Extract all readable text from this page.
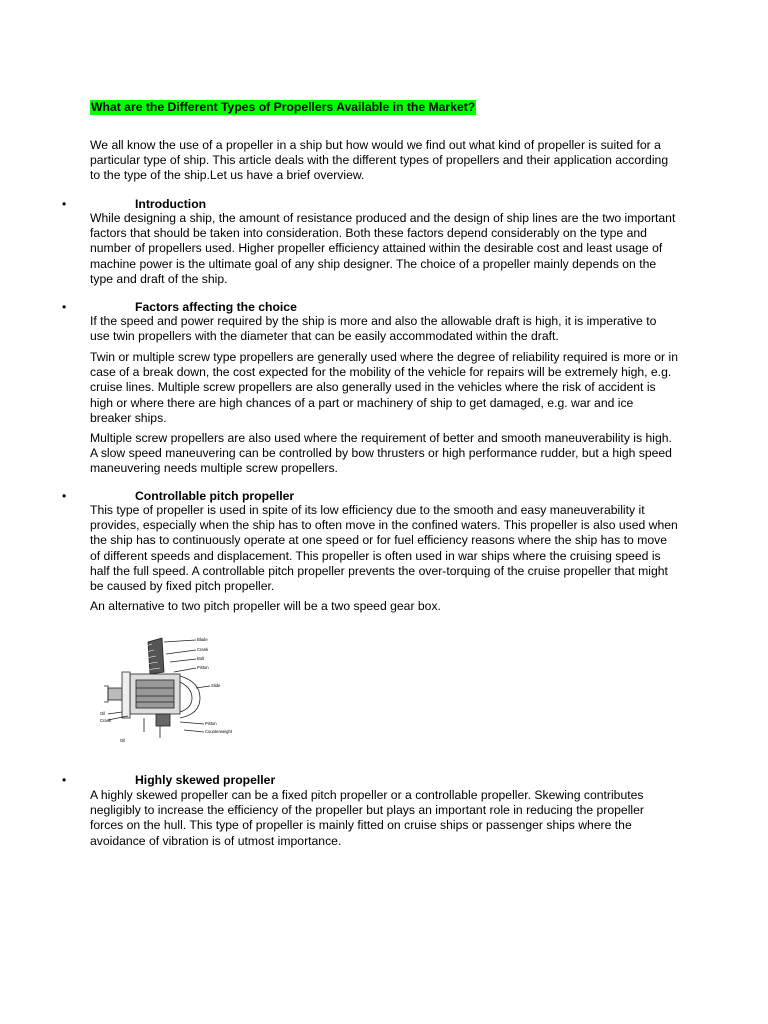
What are the Different Types of Propellers Available in the Market?

We all know the use of a propeller in a ship but how would we find out what kind of propeller is suited for a particular type of ship. This article deals with the different types of propellers and their application according to the type of the ship.Let us have a brief overview.

•	Introduction

While designing a ship, the amount of resistance produced and the design of ship lines are the two important factors that should be taken into consideration. Both these factors depend considerably on the type and number of propellers used. Higher propeller efficiency attained within the desirable cost and least usage of machine power is the ultimate goal of any ship designer. The choice of a propeller mainly depends on the type and draft of the ship.

•	Factors affecting the choice

If the speed and power required by the ship is more and also the allowable draft is high, it is imperative to use twin propellers with the diameter that can be easily accommodated within the draft.

Twin or multiple screw type propellers are generally used where the degree of reliability required is more or in case of a break down, the cost expected for the mobility of the vehicle for repairs will be extremely high, e.g. cruise lines. Multiple screw propellers are also generally used in the vehicles where the risk of accident is high or where there are high chances of a part or machinery of ship to get damaged, e.g. war and ice breaker ships.

Multiple screw propellers are also used where the requirement of better and smooth maneuverability is high. A slow speed maneuvering can be controlled by bow thrusters or high performance rudder, but a high speed maneuvering needs multiple screw propellers.

•	Controllable pitch propeller

This type of propeller is used in spite of its low efficiency due to the smooth and easy maneuverability it provides, especially when the ship has to often move in the confined waters. This propeller is also used when the ship has to continuously operate at one speed or for fuel efficiency reasons where the ship has to move of different speeds and displacement. This propeller is often used in war ships where the cruising speed is half the full speed. A controllable pitch propeller prevents the over-torquing of the cruise propeller that might be caused by fixed pitch propeller.

An alternative to two pitch propeller will be a two speed gear box.

Blade
Crank
Bolt
Piston
Slide
Oil
Piston
Counterweight
Crank
Oil
•	Highly skewed propeller

A highly skewed propeller can be a fixed pitch propeller or a controllable propeller. Skewing contributes negligibly to increase the efficiency of the propeller but plays an important role in reducing the propeller forces on the hull. This type of propeller is mainly fitted on cruise ships or passenger ships where the avoidance of vibration is of utmost importance.
